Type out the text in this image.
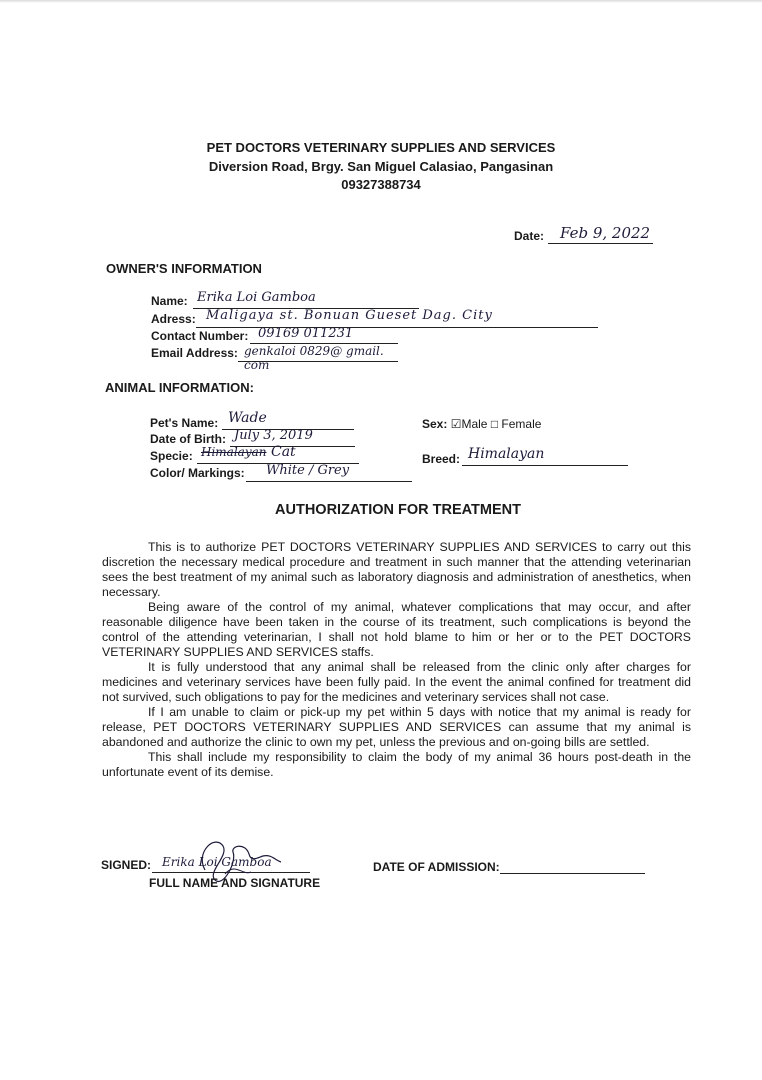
PET DOCTORS VETERINARY SUPPLIES AND SERVICES
Diversion Road, Brgy. San Miguel Calasiao, Pangasinan
09327388734
Date: Feb 9, 2022
OWNER'S INFORMATION
Name: Erika Loi Gamboa
Adress: Maligaya st. Bonuan Gueset Dag. City
Contact Number: 09169 011231
Email Address: genkaloi 0829@ gmail. com
ANIMAL INFORMATION:
Pet's Name: Wade
Date of Birth: July 3, 2019
Specie: Himalayan Cat
Color/ Markings: White / Grey
Sex: ☑Male □ Female
Breed: Himalayan
AUTHORIZATION FOR TREATMENT

This is to authorize PET DOCTORS VETERINARY SUPPLIES AND SERVICES to carry out this discretion the necessary medical procedure and treatment in such manner that the attending veterinarian sees the best treatment of my animal such as laboratory diagnosis and administration of anesthetics, when necessary.

Being aware of the control of my animal, whatever complications that may occur, and after reasonable diligence have been taken in the course of its treatment, such complications is beyond the control of the attending veterinarian, I shall not hold blame to him or her or to the PET DOCTORS VETERINARY SUPPLIES AND SERVICES staffs.

It is fully understood that any animal shall be released from the clinic only after charges for medicines and veterinary services have been fully paid. In the event the animal confined for treatment did not survived, such obligations to pay for the medicines and veterinary services shall not case.

If I am unable to claim or pick-up my pet within 5 days with notice that my animal is ready for release, PET DOCTORS VETERINARY SUPPLIES AND SERVICES can assume that my animal is abandoned and authorize the clinic to own my pet, unless the previous and on-going bills are settled.

This shall include my responsibility to claim the body of my animal 36 hours post-death in the unfortunate event of its demise.

SIGNED: Erika Loi Gamboa
FULL NAME AND SIGNATURE
DATE OF ADMISSION:
